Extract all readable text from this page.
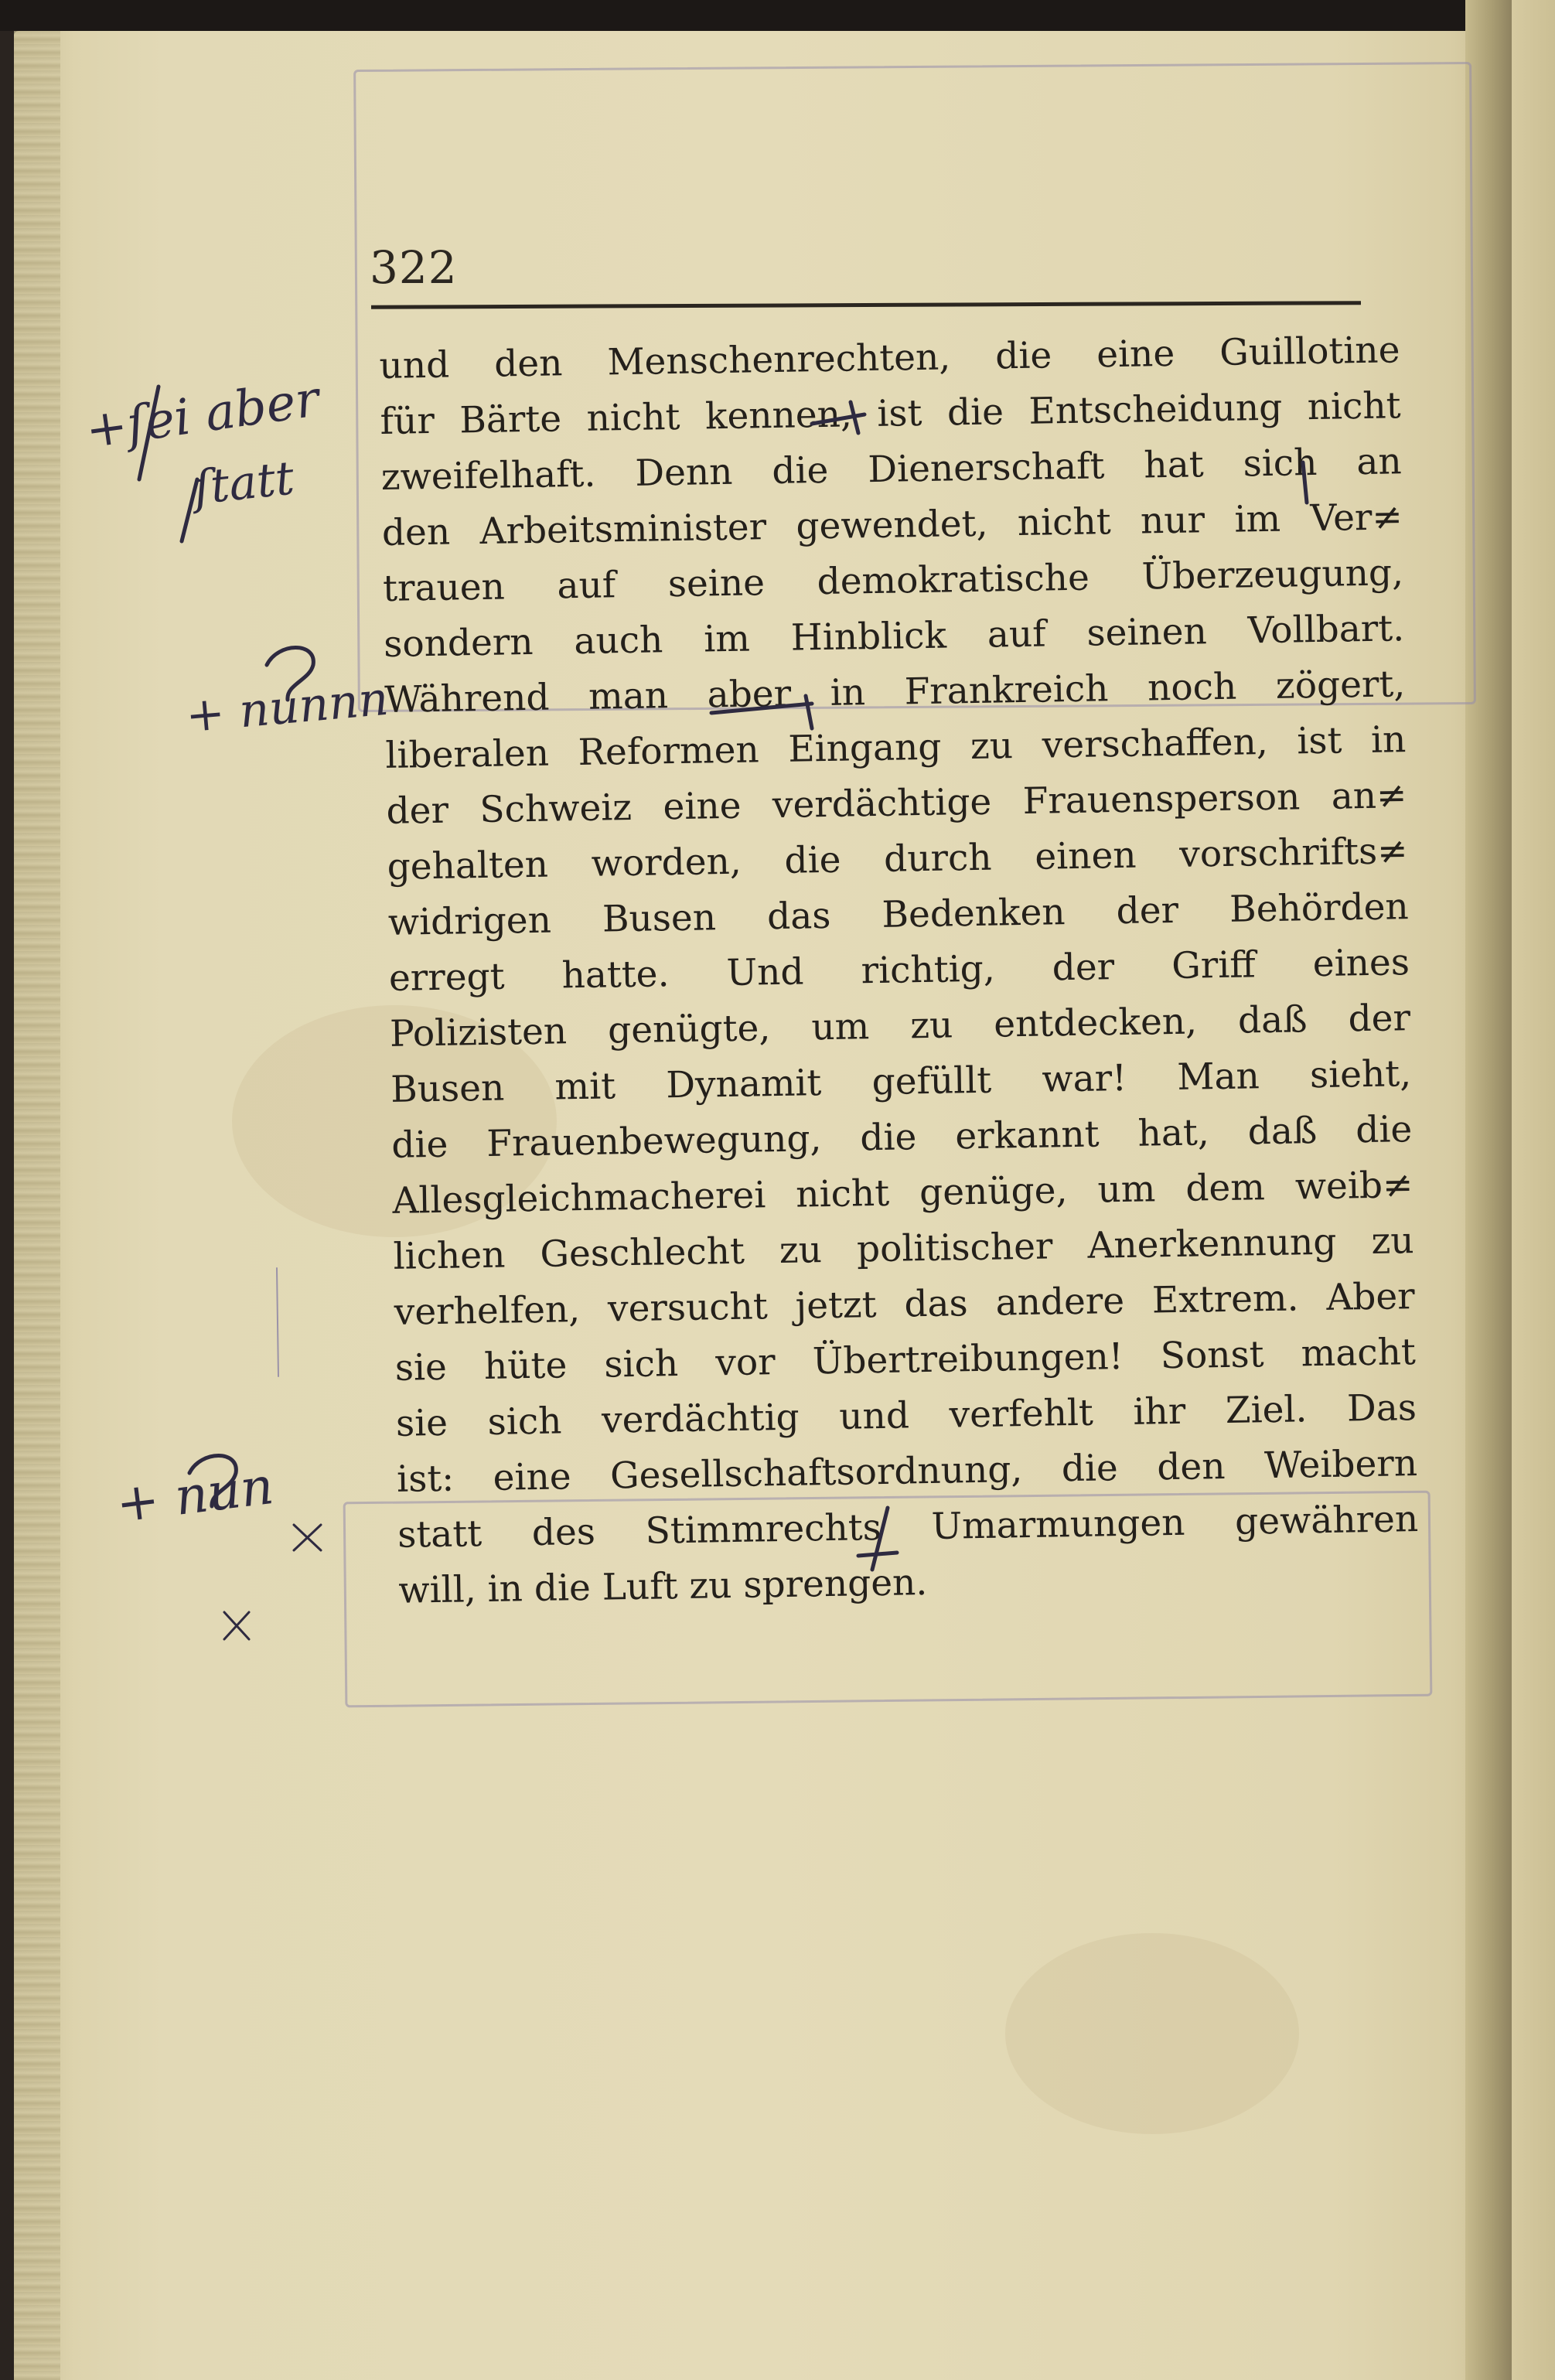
322
und den Menschenrechten, die eine Guillotine
für Bärte nicht kennen, ist die Entscheidung nicht
zweifelhaft. Denn die Dienerschaft hat sich an
den Arbeitsminister gewendet, nicht nur im Ver≠
trauen auf seine demokratische Überzeugung,
sondern auch im Hinblick auf seinen Vollbart.
Während man aber in Frankreich noch zögert,
liberalen Reformen Eingang zu verschaffen, ist in
der Schweiz eine verdächtige Frauensperson an≠
gehalten worden, die durch einen vorschrifts≠
widrigen Busen das Bedenken der Behörden
erregt hatte. Und richtig, der Griff eines
Polizisten genügte, um zu entdecken, daß der
Busen mit Dynamit gefüllt war! Man sieht,
die Frauenbewegung, die erkannt hat, daß die
Allesgleichmacherei nicht genüge, um dem weib≠
lichen Geschlecht zu politischer Anerkennung zu
verhelfen, versucht jetzt das andere Extrem. Aber
sie hüte sich vor Übertreibungen! Sonst macht
sie sich verdächtig und verfehlt ihr Ziel. Das
ist: eine Gesellschaftsordnung, die den Weibern
statt des Stimmrechts Umarmungen gewähren
will, in die Luft zu sprengen.
+ſei aber
ſtatt
+ nunnn
+ nun
